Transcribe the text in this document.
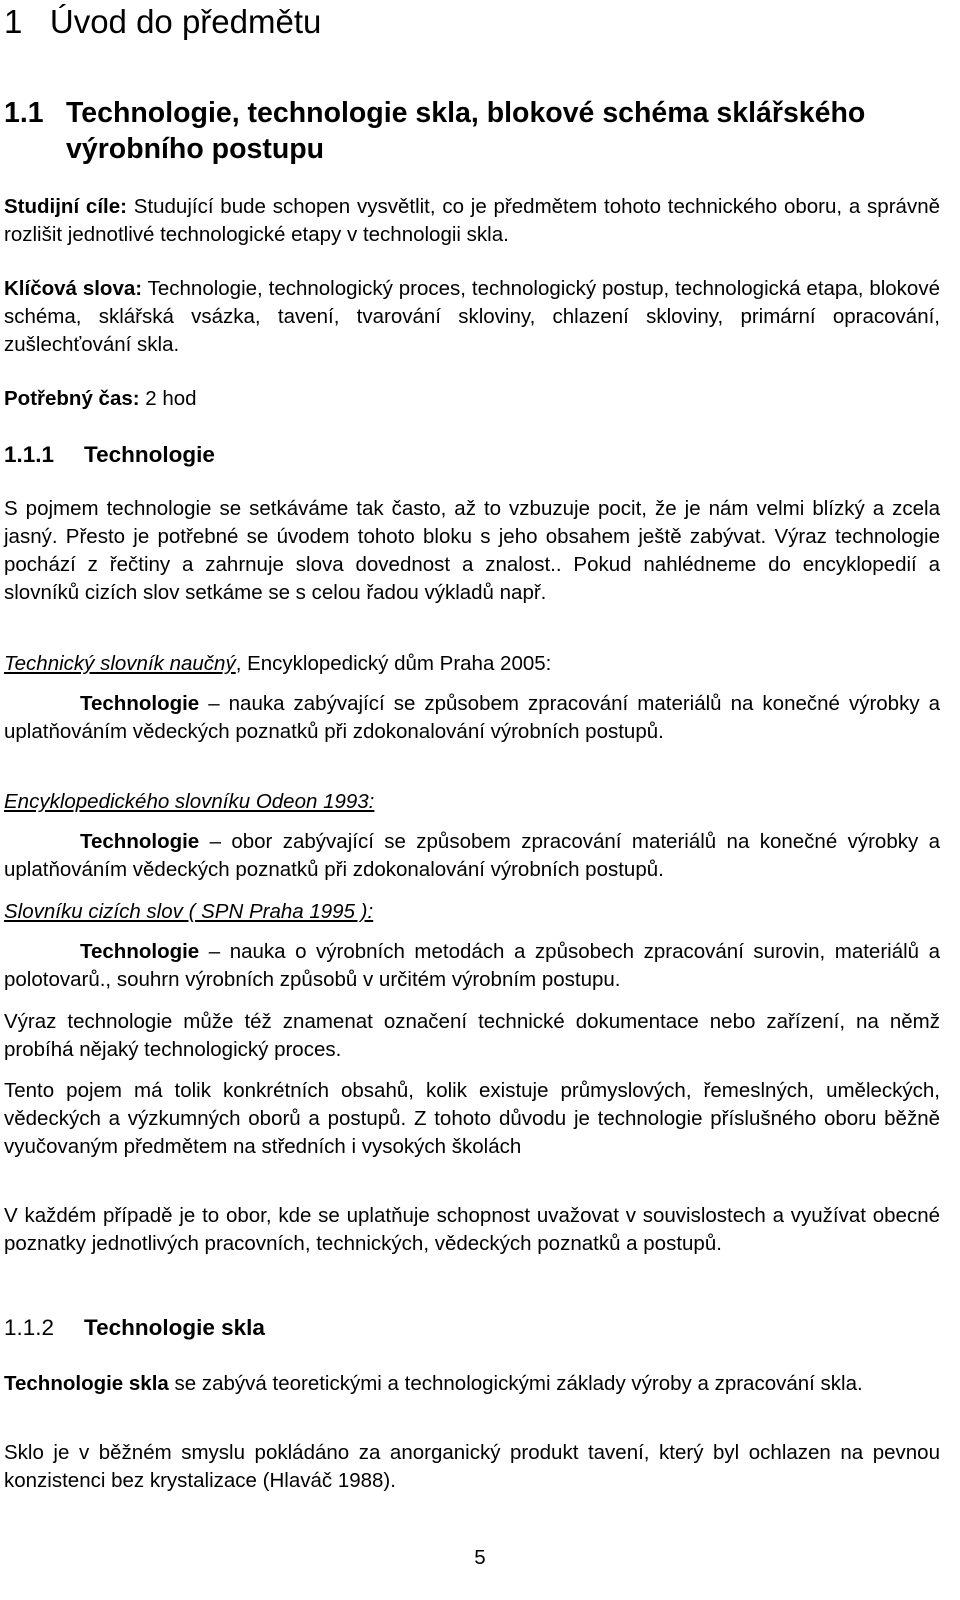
1 Úvod do předmětu
1.1 Technologie, technologie skla, blokové schéma sklářského
výrobního postupu
Studijní cíle: Studující bude schopen vysvětlit, co je předmětem tohoto technického oboru, a správně rozlišit jednotlivé technologické etapy v technologii skla.
Klíčová slova: Technologie, technologický proces, technologický postup, technologická etapa, blokové schéma, sklářská vsázka, tavení, tvarování skloviny, chlazení skloviny, primární opracování, zušlechťování skla.
Potřebný čas: 2 hod
1.1.1 Technologie
S pojmem technologie se setkáváme tak často, až to vzbuzuje pocit, že je nám velmi blízký a zcela jasný. Přesto je potřebné se úvodem tohoto bloku s jeho obsahem ještě zabývat. Výraz technologie pochází z řečtiny a zahrnuje slova dovednost a znalost.. Pokud nahlédneme do encyklopedií a slovníků cizích slov setkáme se s celou řadou výkladů např.
Technický slovník naučný, Encyklopedický dům Praha 2005:
Technologie – nauka zabývající se způsobem zpracování materiálů na konečné výrobky a uplatňováním vědeckých poznatků při zdokonalování výrobních postupů.
Encyklopedického slovníku Odeon 1993:
Technologie – obor zabývající se způsobem zpracování materiálů na konečné výrobky a uplatňováním vědeckých poznatků při zdokonalování výrobních postupů.
Slovníku cizích slov ( SPN Praha 1995 ):
Technologie – nauka o výrobních metodách a způsobech zpracování surovin, materiálů a polotovarů., souhrn výrobních způsobů v určitém výrobním postupu.
Výraz technologie může též znamenat označení technické dokumentace nebo zařízení, na němž probíhá nějaký technologický proces.
Tento pojem má tolik konkrétních obsahů, kolik existuje průmyslových, řemeslných, uměleckých, vědeckých a výzkumných oborů a postupů. Z tohoto důvodu je technologie příslušného oboru běžně vyučovaným předmětem na středních i vysokých školách
V každém případě je to obor, kde se uplatňuje schopnost uvažovat v souvislostech a využívat obecné poznatky jednotlivých pracovních, technických, vědeckých poznatků a postupů.
1.1.2 Technologie skla
Technologie skla se zabývá teoretickými a technologickými základy výroby a zpracování skla.
Sklo je v běžném smyslu pokládáno za anorganický produkt tavení, který byl ochlazen na pevnou konzistenci bez krystalizace (Hlaváč 1988).
5
